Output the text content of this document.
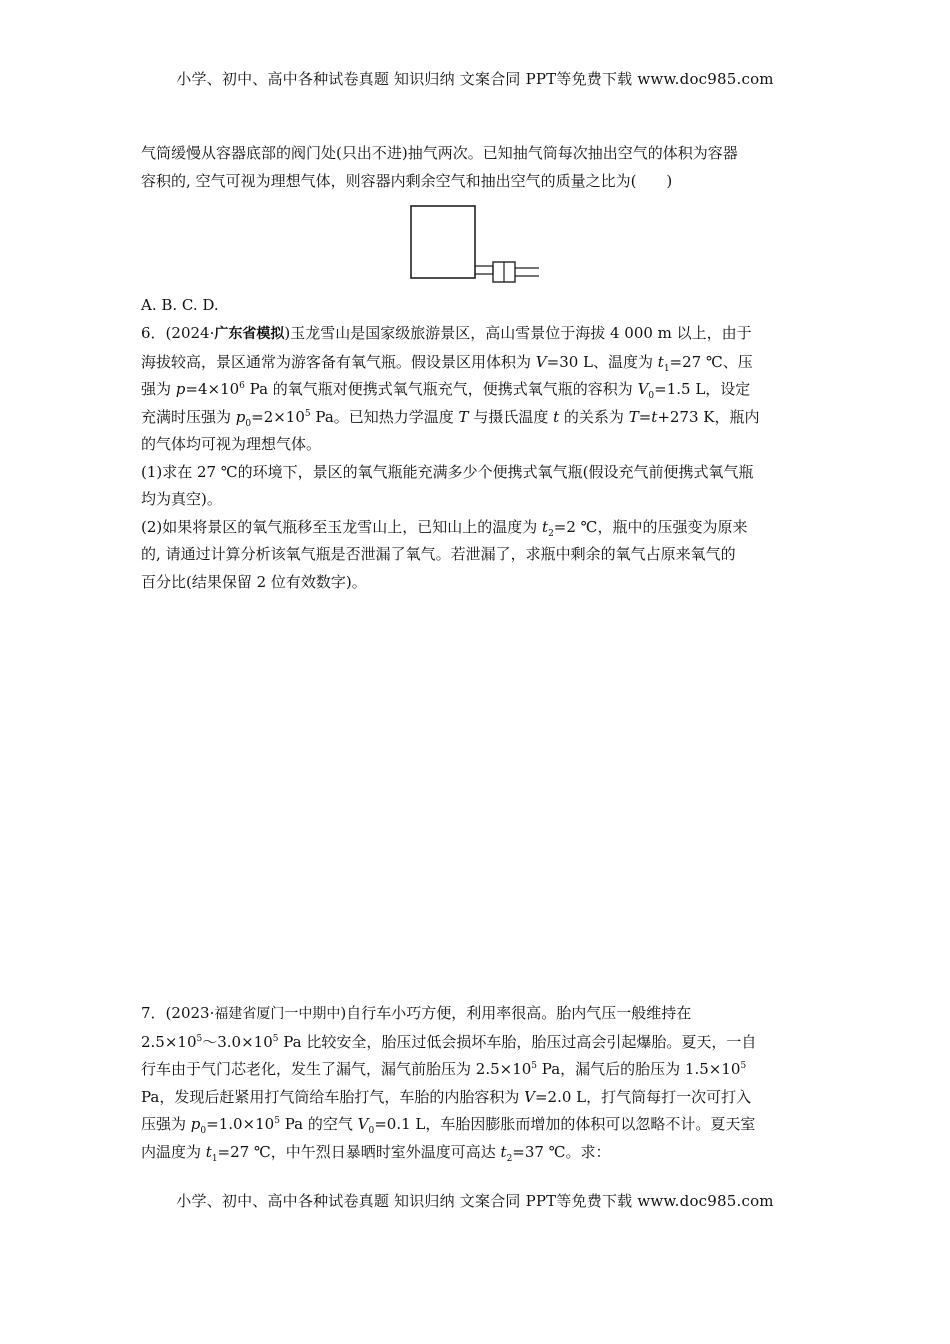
小学、初中、高中各种试卷真题 知识归纳 文案合同 PPT等免费下载 www.doc985.com
气筒缓慢从容器底部的阀门处(只出不进)抽气两次。已知抽气筒每次抽出空气的体积为容器
容积的, 空气可视为理想气体，则容器内剩余空气和抽出空气的质量之比为(　　)
A. B. C. D.
6．(2024·广东省模拟)玉龙雪山是国家级旅游景区，高山雪景位于海拔 4 000 m 以上，由于
海拔较高，景区通常为游客备有氧气瓶。假设景区用体积为 V=30 L、温度为 $t_1=27$ ℃、压
强为 $p=4\times 10^6$ Pa 的氧气瓶对便携式氧气瓶充气，便携式氧气瓶的容积为 $V_0=1.5$ L，设定
充满时压强为 $p_0=2\times 10^5$ Pa。已知热力学温度 T 与摄氏温度 t 的关系为 T=t+273 K，瓶内
的气体均可视为理想气体。
(1)求在 27 ℃的环境下，景区的氧气瓶能充满多少个便携式氧气瓶(假设充气前便携式氧气瓶
均为真空)。
(2)如果将景区的氧气瓶移至玉龙雪山上，已知山上的温度为 $t_2=2$ ℃，瓶中的压强变为原来
的, 请通过计算分析该氧气瓶是否泄漏了氧气。若泄漏了，求瓶中剩余的氧气占原来氧气的
百分比(结果保留 2 位有效数字)。
7．(2023·福建省厦门一中期中)自行车小巧方便，利用率很高。胎内气压一般维持在
$2.5\times 10^5\sim 3.0\times 10^5$ Pa 比较安全，胎压过低会损坏车胎，胎压过高会引起爆胎。夏天，一自
行车由于气门芯老化，发生了漏气，漏气前胎压为 $2.5\times 10^5$ Pa，漏气后的胎压为 $1.5\times 10^5$
Pa，发现后赶紧用打气筒给车胎打气，车胎的内胎容积为 V=2.0 L，打气筒每打一次可打入
压强为 $p_0=1.0\times 10^5$ Pa 的空气 $V_0=0.1$ L，车胎因膨胀而增加的体积可以忽略不计。夏天室
内温度为 $t_1=27$ ℃，中午烈日暴晒时室外温度可高达 $t_2=37$ ℃。求：
小学、初中、高中各种试卷真题 知识归纳 文案合同 PPT等免费下载 www.doc985.com
